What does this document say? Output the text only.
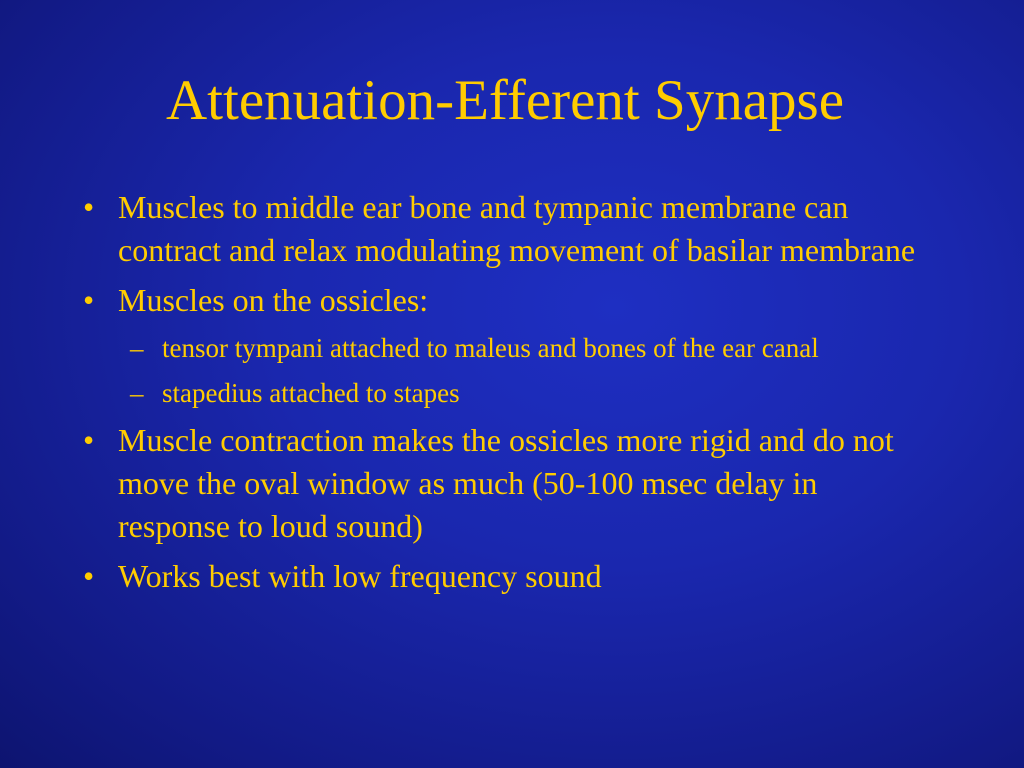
Attenuation-Efferent Synapse
• Muscles to middle ear bone and tympanic membrane can contract and relax modulating movement of basilar membrane
• Muscles on the ossicles:
– tensor tympani attached to maleus and bones of the ear canal
– stapedius attached to stapes
• Muscle contraction makes the ossicles more rigid and do not move the oval window as much (50-100 msec delay in response to loud sound)
• Works best with low frequency sound
